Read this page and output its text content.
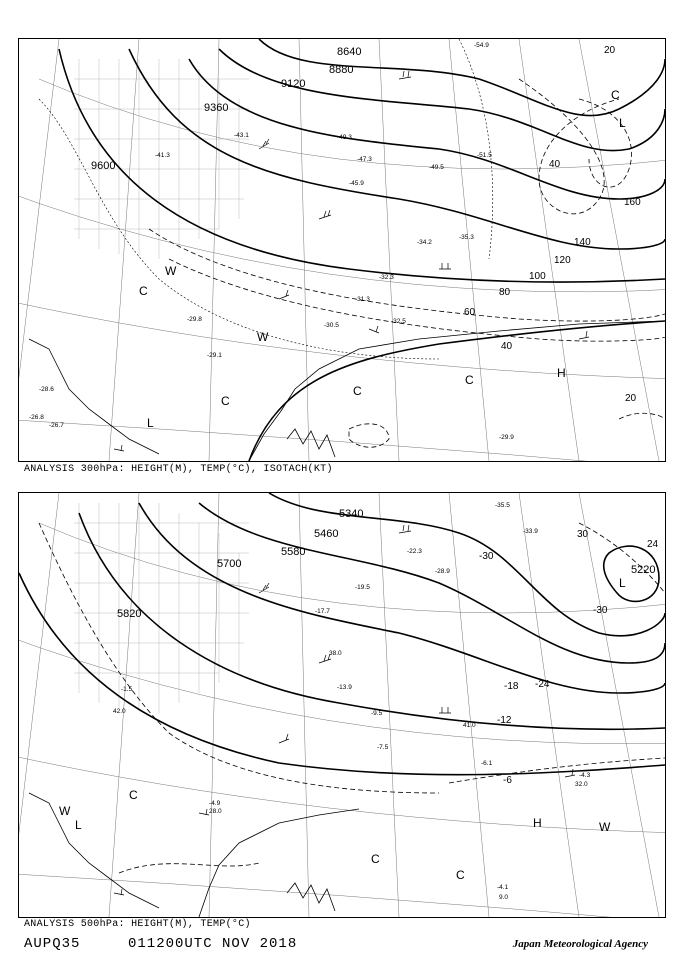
8640
8880
9120
9360
9600
20
40
60
80
100
120
140
160
40
20
L
C
C
C
C
H
W
W
L
C
-29.1
-29.8
-30.5
-31.3
-32.3
-32.5
-34.2
-35.3
-41.3
-43.1
-45.9
-47.3
-49.3
-49.5
-51.5
-54.9
-29.9
-28.6
-26.8
-26.7
ANALYSIS 300hPa: HEIGHT(M), TEMP(°C), ISOTACH(KT)
5340
5460
5580
5700
5820
5220
-30
-24
-18
-12
-6
-30
24
30
L
C
C
C
H
W
W
L
-35.5
-33.9
-28.9
-22.3
-19.5
-17.7
-13.9
-9.5
-7.5
-6.1
-4.3
-4.1
-4.9
-1.5
9.0
32.0
38.0
42.0
41.0
28.0
ANALYSIS 500hPa: HEIGHT(M), TEMP(°C)
AUPQ35	011200UTC NOV 2018	Japan Meteorological Agency
